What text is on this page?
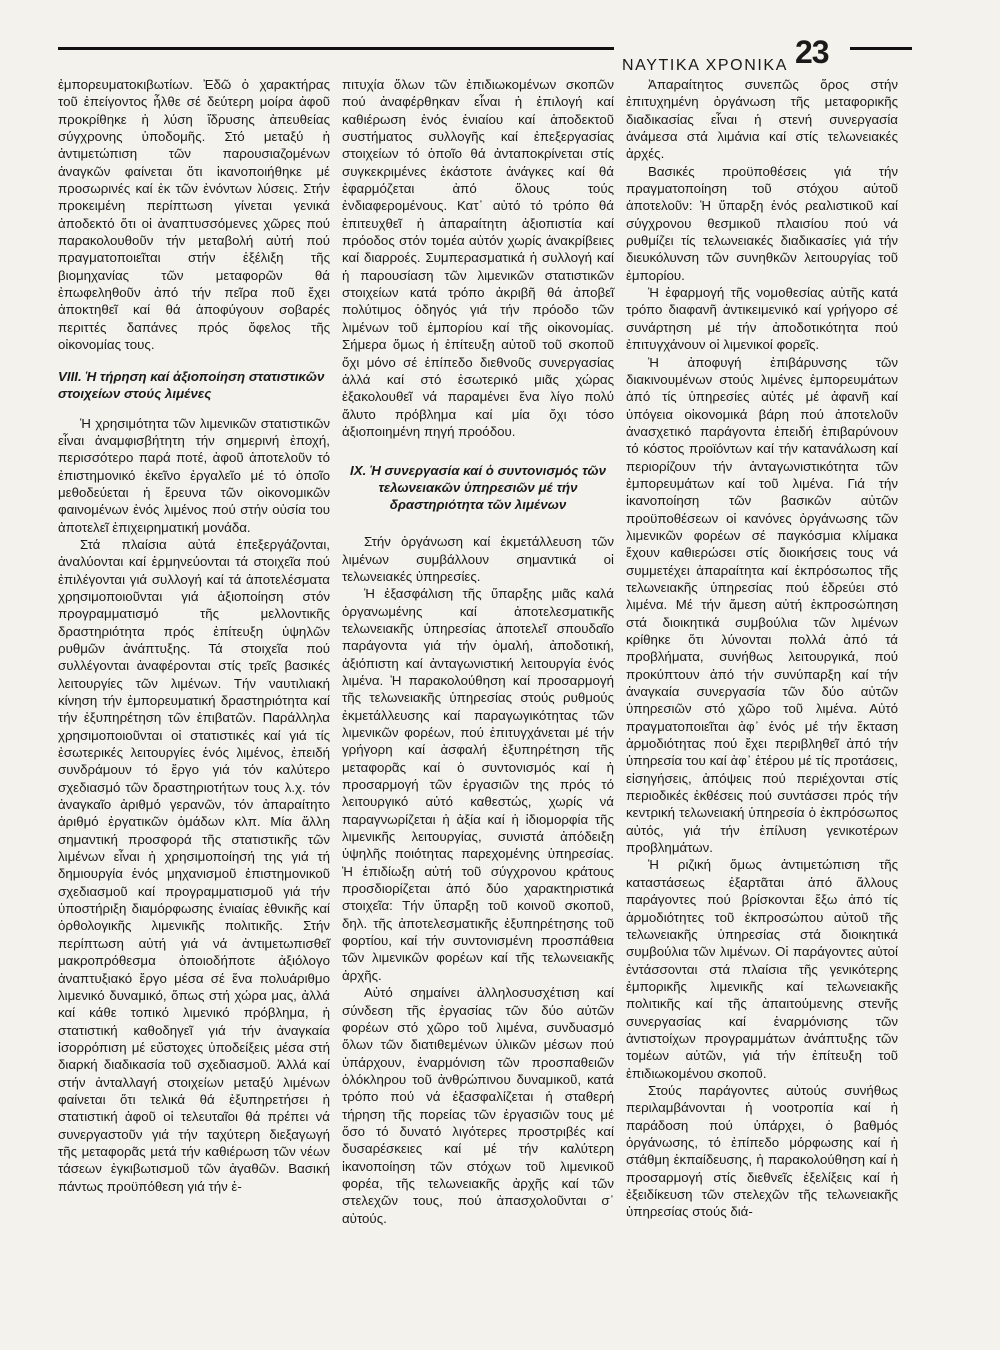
ΝΑΥΤΙΚΑ ΧΡΟΝΙΚΑ 23

ἐμπορευματοκιβωτίων. Ἐδῶ ὁ χαρακτήρας τοῦ ἐπείγοντος ἦλθε σέ δεύτερη μοίρα ἀφοῦ προκρίθηκε ἡ λύση ἵδρυσης ἀπευθείας σύγχρονης ὑποδομῆς. Στό μεταξύ ἡ ἀντιμετώπιση τῶν παρουσιαζομένων ἀναγκῶν φαίνεται ὅτι ἱκανοποιήθηκε μέ προσωρινές καί ἐκ τῶν ἐνόντων λύσεις. Στήν προκειμένη περίπτωση γίνεται γενικά ἀποδεκτό ὅτι οἱ ἀναπτυσσόμενες χῶρες πού παρακολουθοῦν τήν μεταβολή αὐτή πού πραγματοποιεῖται στήν ἐξέλιξη τῆς βιομηχανίας τῶν μεταφορῶν θά ἐπωφεληθοῦν ἀπό τήν πεῖρα ποῦ ἔχει ἀποκτηθεῖ καί θά ἀποφύγουν σοβαρές περιττές δαπάνες πρός ὄφελος τῆς οἰκονομίας τους.

VIII. Ἡ τήρηση καί ἀξιοποίηση στατιστικῶν στοιχείων στούς λιμένες

Ἡ χρησιμότητα τῶν λιμενικῶν στατιστικῶν εἶναι ἀναμφισβήτητη τήν σημερινή ἐποχή, περισσότερο παρά ποτέ, ἀφοῦ ἀποτελοῦν τό ἐπιστημονικό ἐκεῖνο ἐργαλεῖο μέ τό ὁποῖο μεθοδεύεται ἡ ἔρευνα τῶν οἰκονομικῶν φαινομένων ἑνός λιμένος πού στήν οὐσία του ἀποτελεῖ ἐπιχειρηματική μονάδα.

Στά πλαίσια αὐτά ἐπεξεργάζονται, ἀναλύονται καί ἑρμηνεύονται τά στοιχεῖα πού ἐπιλέγονται γιά συλλογή καί τά ἀποτελέσματα χρησιμοποιοῦνται γιά ἀξιοποίηση στόν προγραμματισμό τῆς μελλοντικῆς δραστηριότητα πρός ἐπίτευξη ὑψηλῶν ρυθμῶν ἀνάπτυξης. Τά στοιχεῖα πού συλλέγονται ἀναφέρονται στίς τρεῖς βασικές λειτουργίες τῶν λιμένων. Τήν ναυτιλιακή κίνηση τήν ἐμπορευματική δραστηριότητα καί τήν ἐξυπηρέτηση τῶν ἐπιβατῶν. Παράλληλα χρησιμοποιοῦνται οἱ στατιστικές καί γιά τίς ἐσωτερικές λειτουργίες ἑνός λιμένος, ἐπειδή συνδράμουν τό ἔργο γιά τόν καλύτερο σχεδιασμό τῶν δραστηριοτήτων τους λ.χ. τόν ἀναγκαῖο ἀριθμό γερανῶν, τόν ἀπαραίτητο ἀριθμό ἐργατικῶν ὁμάδων κλπ. Μία ἄλλη σημαντική προσφορά τῆς στατιστικῆς τῶν λιμένων εἶναι ἡ χρησιμοποίησή της γιά τή δημιουργία ἑνός μηχανισμοῦ ἐπιστημονικοῦ σχεδιασμοῦ καί προγραμματισμοῦ γιά τήν ὑποστήριξη διαμόρφωσης ἑνιαίας ἐθνικῆς καί ὀρθολογικῆς λιμενικῆς πολιτικῆς. Στήν περίπτωση αὐτή γιά νά ἀντιμετωπισθεῖ μακροπρόθεσμα ὁποιοδήποτε ἀξιόλογο ἀναπτυξιακό ἔργο μέσα σέ ἕνα πολυάριθμο λιμενικό δυναμικό, ὅπως στή χώρα μας, ἀλλά καί κάθε τοπικό λιμενικό πρόβλημα, ἡ στατιστική καθοδηγεῖ γιά τήν ἀναγκαία ἰσορρόπιση μέ εὔστοχες ὑποδείξεις μέσα στή διαρκή διαδικασία τοῦ σχεδιασμοῦ. Ἀλλά καί στήν ἀνταλλαγή στοιχείων μεταξύ λιμένων φαίνεται ὅτι τελικά θά ἐξυπηρετήσει ἡ στατιστική ἀφοῦ οἱ τελευταῖοι θά πρέπει νά συνεργαστοῦν γιά τήν ταχύτερη διεξαγωγή τῆς μεταφορᾶς μετά τήν καθιέρωση τῶν νέων τάσεων ἐγκιβωτισμοῦ τῶν ἀγαθῶν. Βασική πάντως προϋπόθεση γιά τήν ἐ-

πιτυχία ὅλων τῶν ἐπιδιωκομένων σκοπῶν πού ἀναφέρθηκαν εἶναι ἡ ἐπιλογή καί καθιέρωση ἑνός ἑνιαίου καί ἀποδεκτοῦ συστήματος συλλογῆς καί ἐπεξεργασίας στοιχείων τό ὁποῖο θά ἀνταποκρίνεται στίς συγκεκριμένες ἑκάστοτε ἀνάγκες καί θά ἐφαρμόζεται ἀπό ὅλους τούς ἐνδιαφερομένους. Κατ᾽ αὐτό τό τρόπο θά ἐπιτευχθεῖ ἡ ἀπαραίτητη ἀξιοπιστία καί πρόοδος στόν τομέα αὐτόν χωρίς ἀνακρίβειες καί διαρροές. Συμπερασματικά ἡ συλλογή καί ἡ παρουσίαση τῶν λιμενικῶν στατιστικῶν στοιχείων κατά τρόπο ἀκριβῆ θά ἀποβεῖ πολύτιμος ὁδηγός γιά τήν πρόοδο τῶν λιμένων τοῦ ἐμπορίου καί τῆς οἰκονομίας. Σήμερα ὅμως ἡ ἐπίτευξη αὐτοῦ τοῦ σκοποῦ ὄχι μόνο σέ ἐπίπεδο διεθνοῦς συνεργασίας ἀλλά καί στό ἐσωτερικό μιᾶς χώρας ἐξακολουθεῖ νά παραμένει ἕνα λίγο πολύ ἄλυτο πρόβλημα καί μία ὄχι τόσο ἀξιοποιημένη πηγή προόδου.

IX. Ἡ συνεργασία καί ὁ συντονισμός τῶν τελωνειακῶν ὑπηρεσιῶν μέ τήν δραστηριότητα τῶν λιμένων

Στήν ὀργάνωση καί ἐκμετάλλευση τῶν λιμένων συμβάλλουν σημαντικά οἱ τελωνειακές ὑπηρεσίες.

Ἡ ἐξασφάλιση τῆς ὕπαρξης μιᾶς καλά ὀργανωμένης καί ἀποτελεσματικῆς τελωνειακῆς ὑπηρεσίας ἀποτελεῖ σπουδαῖο παράγοντα γιά τήν ὁμαλή, ἀποδοτική, ἀξιόπιστη καί ἀνταγωνιστική λειτουργία ἑνός λιμένα. Ἡ παρακολούθηση καί προσαρμογή τῆς τελωνειακῆς ὑπηρεσίας στούς ρυθμούς ἐκμετάλλευσης καί παραγωγικότητας τῶν λιμενικῶν φορέων, πού ἐπιτυγχάνεται μέ τήν γρήγορη καί ἀσφαλή ἐξυπηρέτηση τῆς μεταφορᾶς καί ὁ συντονισμός καί ἡ προσαρμογή τῶν ἐργασιῶν της πρός τό λειτουργικό αὐτό καθεστώς, χωρίς νά παραγνωρίζεται ἡ ἀξία καί ἡ ἰδιομορφία τῆς λιμενικῆς λειτουργίας, συνιστά ἀπόδειξη ὑψηλῆς ποιότητας παρεχομένης ὑπηρεσίας. Ἡ ἐπιδίωξη αὐτή τοῦ σύγχρονου κράτους προσδιορίζεται ἀπό δύο χαρακτηριστικά στοιχεῖα: Τήν ὕπαρξη τοῦ κοινοῦ σκοποῦ, δηλ. τῆς ἀποτελεσματικῆς ἐξυπηρέτησης τοῦ φορτίου, καί τήν συντονισμένη προσπάθεια τῶν λιμενικῶν φορέων καί τῆς τελωνειακῆς ἀρχῆς.

Αὐτό σημαίνει ἀλληλοσυσχέτιση καί σύνδεση τῆς ἐργασίας τῶν δύο αὐτῶν φορέων στό χῶρο τοῦ λιμένα, συνδυασμό ὅλων τῶν διατιθεμένων ὑλικῶν μέσων πού ὑπάρχουν, ἐναρμόνιση τῶν προσπαθειῶν ὁλόκληρου τοῦ ἀνθρώπινου δυναμικοῦ, κατά τρόπο πού νά ἐξασφαλίζεται ἡ σταθερή τήρηση τῆς πορείας τῶν ἐργασιῶν τους μέ ὅσο τό δυνατό λιγότερες προστριβές καί δυσαρέσκειες καί μέ τήν καλύτερη ἱκανοποίηση τῶν στόχων τοῦ λιμενικοῦ φορέα, τῆς τελωνειακῆς ἀρχῆς καί τῶν στελεχῶν τους, πού ἀπασχολοῦνται σ᾽ αὐτούς.

Ἀπαραίτητος συνεπῶς ὅρος στήν ἐπιτυχημένη ὀργάνωση τῆς μεταφορικῆς διαδικασίας εἶναι ἡ στενή συνεργασία ἀνάμεσα στά λιμάνια καί στίς τελωνειακές ἀρχές.

Βασικές προϋποθέσεις γιά τήν πραγματοποίηση τοῦ στόχου αὐτοῦ ἀποτελοῦν: Ἡ ὕπαρξη ἑνός ρεαλιστικοῦ καί σύγχρονου θεσμικοῦ πλαισίου πού νά ρυθμίζει τίς τελωνειακές διαδικασίες γιά τήν διευκόλυνση τῶν συνηθκῶν λειτουργίας τοῦ ἐμπορίου.

Ἡ ἐφαρμογή τῆς νομοθεσίας αὐτῆς κατά τρόπο διαφανῆ ἀντικειμενικό καί γρήγορο σέ συνάρτηση μέ τήν ἀποδοτικότητα πού ἐπιτυγχάνουν οἱ λιμενικοί φορεῖς.

Ἡ ἀποφυγή ἐπιβάρυνσης τῶν διακινουμένων στούς λιμένες ἐμπορευμάτων ἀπό τίς ὑπηρεσίες αὐτές μέ ἀφανῆ καί ὑπόγεια οἰκονομικά βάρη πού ἀποτελοῦν ἀνασχετικό παράγοντα ἐπειδή ἐπιβαρύνουν τό κόστος προϊόντων καί τήν κατανάλωση καί περιορίζουν τήν ἀνταγωνιστικότητα τῶν ἐμπορευμάτων καί τοῦ λιμένα. Γιά τήν ἱκανοποίηση τῶν βασικῶν αὐτῶν προϋποθέσεων οἱ κανόνες ὀργάνωσης τῶν λιμενικῶν φορέων σέ παγκόσμια κλίμακα ἔχουν καθιερώσει στίς διοικήσεις τους νά συμμετέχει ἀπαραίτητα καί ἐκπρόσωπος τῆς τελωνειακῆς ὑπηρεσίας πού ἑδρεύει στό λιμένα. Μέ τήν ἄμεση αὐτή ἐκπροσώπηση στά διοικητικά συμβούλια τῶν λιμένων κρίθηκε ὅτι λύνονται πολλά ἀπό τά προβλήματα, συνήθως λειτουργικά, πού προκύπτουν ἀπό τήν συνύπαρξη καί τήν ἀναγκαία συνεργασία τῶν δύο αὐτῶν ὑπηρεσιῶν στό χῶρο τοῦ λιμένα. Αὐτό πραγματοποιεῖται ἀφ᾽ ἑνός μέ τήν ἔκταση ἁρμοδιότητας πού ἔχει περιβληθεῖ ἀπό τήν ὑπηρεσία του καί ἀφ᾽ ἑτέρου μέ τίς προτάσεις, εἰσηγήσεις, ἀπόψεις πού περιέχονται στίς περιοδικές ἐκθέσεις πού συντάσσει πρός τήν κεντρική τελωνειακή ὑπηρεσία ὁ ἐκπρόσωπος αὐτός, γιά τήν ἐπίλυση γενικοτέρων προβλημάτων.

Ἡ ριζική ὅμως ἀντιμετώπιση τῆς καταστάσεως ἐξαρτᾶται ἀπό ἄλλους παράγοντες πού βρίσκονται ἔξω ἀπό τίς ἁρμοδιότητες τοῦ ἐκπροσώπου αὐτοῦ τῆς τελωνειακῆς ὑπηρεσίας στά διοικητικά συμβούλια τῶν λιμένων. Οἱ παράγοντες αὐτοί ἐντάσσονται στά πλαίσια τῆς γενικότερης ἐμπορικῆς λιμενικῆς καί τελωνειακῆς πολιτικῆς καί τῆς ἀπαιτούμενης στενῆς συνεργασίας καί ἐναρμόνισης τῶν ἀντιστοίχων προγραμμάτων ἀνάπτυξης τῶν τομέων αὐτῶν, γιά τήν ἐπίτευξη τοῦ ἐπιδιωκομένου σκοποῦ.

Στούς παράγοντες αὐτούς συνήθως περιλαμβάνονται ἡ νοοτροπία καί ἡ παράδοση πού ὑπάρχει, ὁ βαθμός ὀργάνωσης, τό ἐπίπεδο μόρφωσης καί ἡ στάθμη ἐκπαίδευσης, ἡ παρακολούθηση καί ἡ προσαρμογή στίς διεθνεῖς ἐξελίξεις καί ἡ ἐξειδίκευση τῶν στελεχῶν τῆς τελωνειακῆς ὑπηρεσίας στούς διά-
